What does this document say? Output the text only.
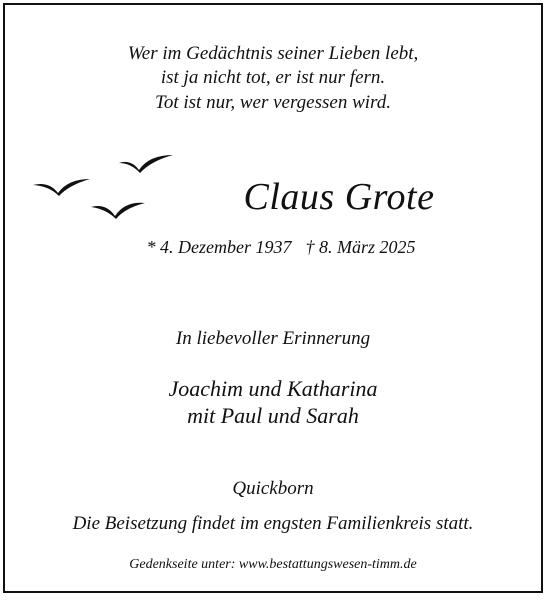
Wer im Gedächtnis seiner Lieben lebt,
ist ja nicht tot, er ist nur fern.
Tot ist nur, wer vergessen wird.
Claus Grote
* 4. Dezember 1937 † 8. März 2025
In liebevoller Erinnerung
Joachim und Katharina
mit Paul und Sarah
Quickborn
Die Beisetzung findet im engsten Familienkreis statt.
Gedenkseite unter: www.bestattungswesen-timm.de
